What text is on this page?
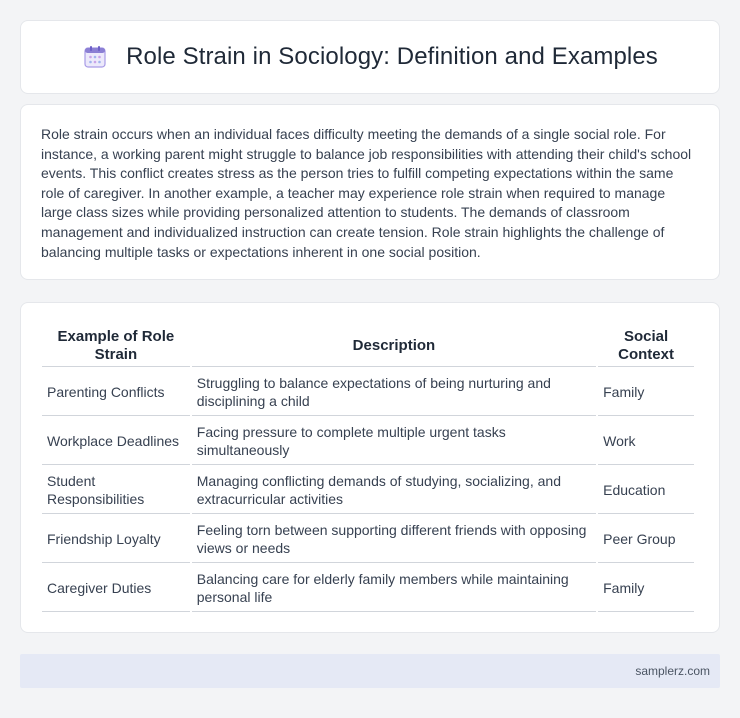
Role Strain in Sociology: Definition and Examples

Role strain occurs when an individual faces difficulty meeting the demands of a single social role. For instance, a working parent might struggle to balance job responsibilities with attending their child's school events. This conflict creates stress as the person tries to fulfill competing expectations within the same role of caregiver. In another example, a teacher may experience role strain when required to manage large class sizes while providing personalized attention to students. The demands of classroom management and individualized instruction can create tension. Role strain highlights the challenge of balancing multiple tasks or expectations inherent in one social position.

Example of Role Strain	Description	Social Context
Parenting Conflicts	Struggling to balance expectations of being nurturing and disciplining a child	Family
Workplace Deadlines	Facing pressure to complete multiple urgent tasks simultaneously	Work
Student Responsibilities	Managing conflicting demands of studying, socializing, and extracurricular activities	Education
Friendship Loyalty	Feeling torn between supporting different friends with opposing views or needs	Peer Group
Caregiver Duties	Balancing care for elderly family members while maintaining personal life	Family
samplerz.com
